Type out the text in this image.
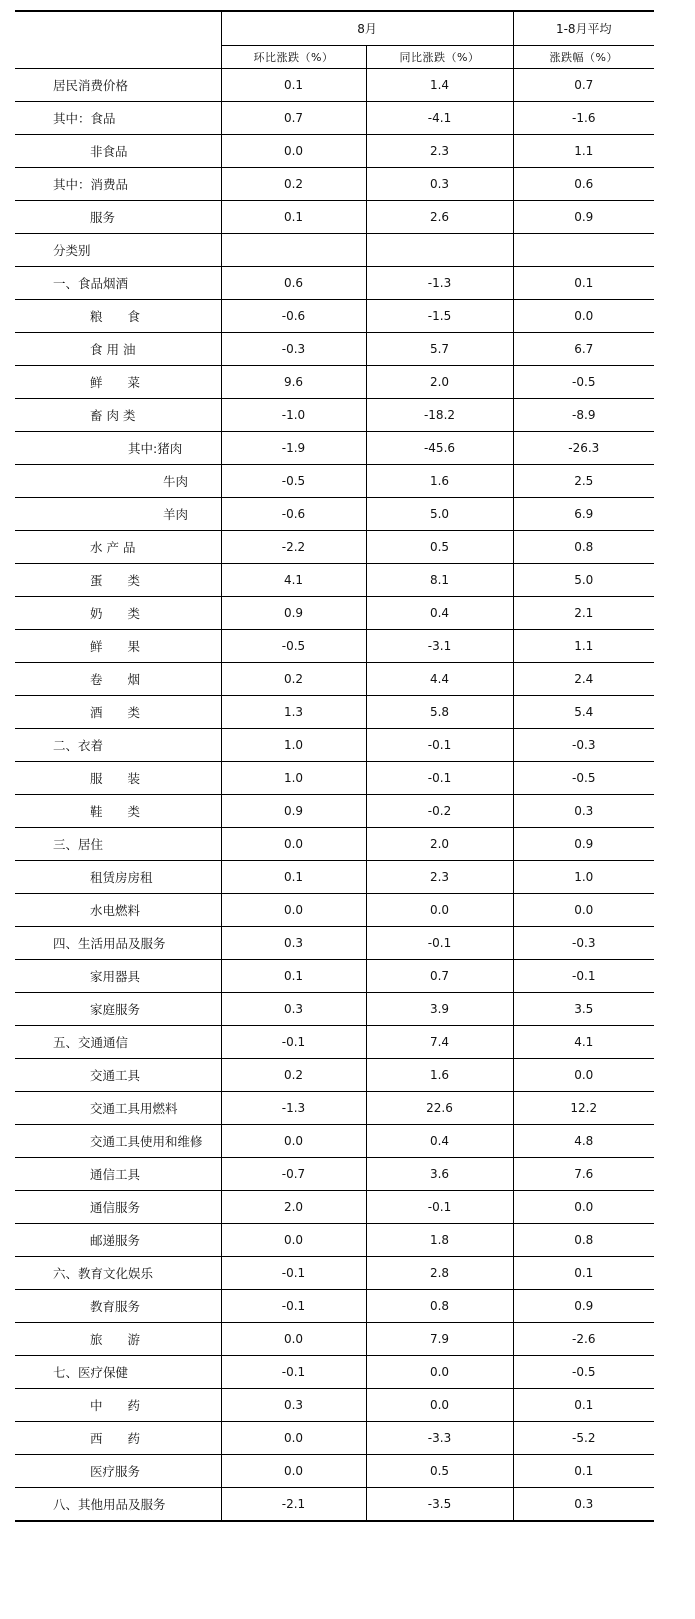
	8月		1-8月平均
	环比涨跌（%）	同比涨跌（%）	涨跌幅（%）
居民消费价格	0.1	1.4	0.7
其中：食品	0.7	-4.1	-1.6
非食品	0.0	2.3	1.1
其中：消费品	0.2	0.3	0.6
服务	0.1	2.6	0.9
分类别			
一、食品烟酒	0.6	-1.3	0.1
粮　　食	-0.6	-1.5	0.0
食 用 油	-0.3	5.7	6.7
鲜　　菜	9.6	2.0	-0.5
畜 肉 类	-1.0	-18.2	-8.9
其中:猪肉	-1.9	-45.6	-26.3
牛肉	-0.5	1.6	2.5
羊肉	-0.6	5.0	6.9
水 产 品	-2.2	0.5	0.8
蛋　　类	4.1	8.1	5.0
奶　　类	0.9	0.4	2.1
鲜　　果	-0.5	-3.1	1.1
卷　　烟	0.2	4.4	2.4
酒　　类	1.3	5.8	5.4
二、衣着	1.0	-0.1	-0.3
服　　装	1.0	-0.1	-0.5
鞋　　类	0.9	-0.2	0.3
三、居住	0.0	2.0	0.9
租赁房房租	0.1	2.3	1.0
水电燃料	0.0	0.0	0.0
四、生活用品及服务	0.3	-0.1	-0.3
家用器具	0.1	0.7	-0.1
家庭服务	0.3	3.9	3.5
五、交通通信	-0.1	7.4	4.1
交通工具	0.2	1.6	0.0
交通工具用燃料	-1.3	22.6	12.2
交通工具使用和维修	0.0	0.4	4.8
通信工具	-0.7	3.6	7.6
通信服务	2.0	-0.1	0.0
邮递服务	0.0	1.8	0.8
六、教育文化娱乐	-0.1	2.8	0.1
教育服务	-0.1	0.8	0.9
旅　　游	0.0	7.9	-2.6
七、医疗保健	-0.1	0.0	-0.5
中　　药	0.3	0.0	0.1
西　　药	0.0	-3.3	-5.2
医疗服务	0.0	0.5	0.1
八、其他用品及服务	-2.1	-3.5	0.3
